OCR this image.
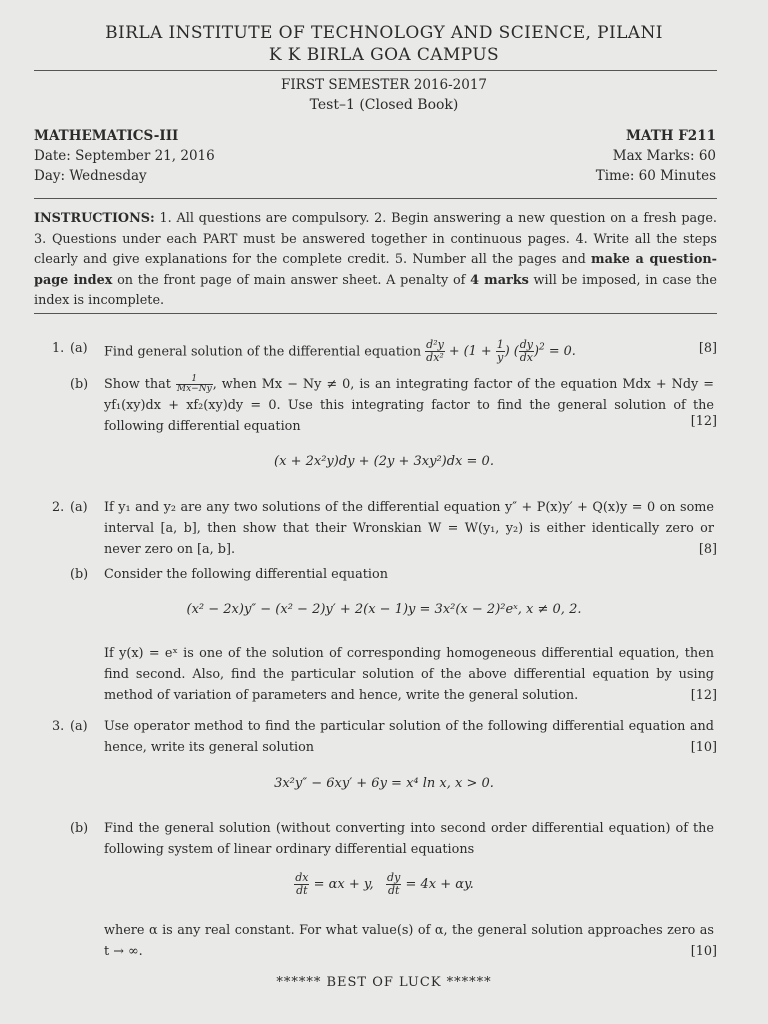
BIRLA INSTITUTE OF TECHNOLOGY AND SCIENCE, PILANI
K K BIRLA GOA CAMPUS
FIRST SEMESTER 2016-2017
Test–1 (Closed Book)
MATHEMATICS-III
Date: September 21, 2016
Day: Wednesday
MATH F211
Max Marks: 60
Time: 60 Minutes
INSTRUCTIONS: 1. All questions are compulsory. 2. Begin answering a new question on a fresh page. 3. Questions under each PART must be answered together in continuous pages. 4. Write all the steps clearly and give explanations for the complete credit. 5. Number all the pages and make a question-page index on the front page of main answer sheet. A penalty of 4 marks will be imposed, in case the index is incomplete.
1. (a) Find general solution of the differential equation $\frac{\text{d²y}}{\text{dx²}} + (1 + \frac{1}{y}$ ) ( $\frac{dy}{dx} )^2 = 0$.	[8]
(b) Show that $\frac{1}{Mx-Ny}$ , when Mx − Ny ≠ 0, is an integrating factor of the equation Mdx + Ndy = yf₁(xy)dx + xf₂(xy)dy = 0. Use this integrating factor to find the general solution of the following differential equation	[12]
(x + 2x²y)dy + (2y + 3xy²)dx = 0.
2. (a) If y₁ and y₂ are any two solutions of the differential equation y″ + P(x)y′ + Q(x)y = 0 on some interval [a, b], then show that their Wronskian W = W(y₁, y₂) is either identically zero or never zero on [a, b].	[8]
(b) Consider the following differential equation
(x² − 2x)y″ − (x² − 2)y′ + 2(x − 1)y = 3x²(x − 2)²eˣ, x ≠ 0, 2.
If y(x) = eˣ is one of the solution of corresponding homogeneous differential equation, then find second. Also, find the particular solution of the above differential equation by using method of variation of parameters and hence, write the general solution.	[12]
3. (a) Use operator method to find the particular solution of the following differential equation and hence, write its general solution	[10]
3x²y″ − 6xy′ + 6y = x⁴ ln x, x > 0.
(b) Find the general solution (without converting into second order differential equation) of the following system of linear ordinary differential equations
$\frac{dx}{dt} = \alpha x + y$, $\frac{dy}{dt} = 4x + \alpha y$.
where α is any real constant. For what value(s) of α, the general solution approaches zero as t → ∞.	[10]
****** BEST OF LUCK ******
